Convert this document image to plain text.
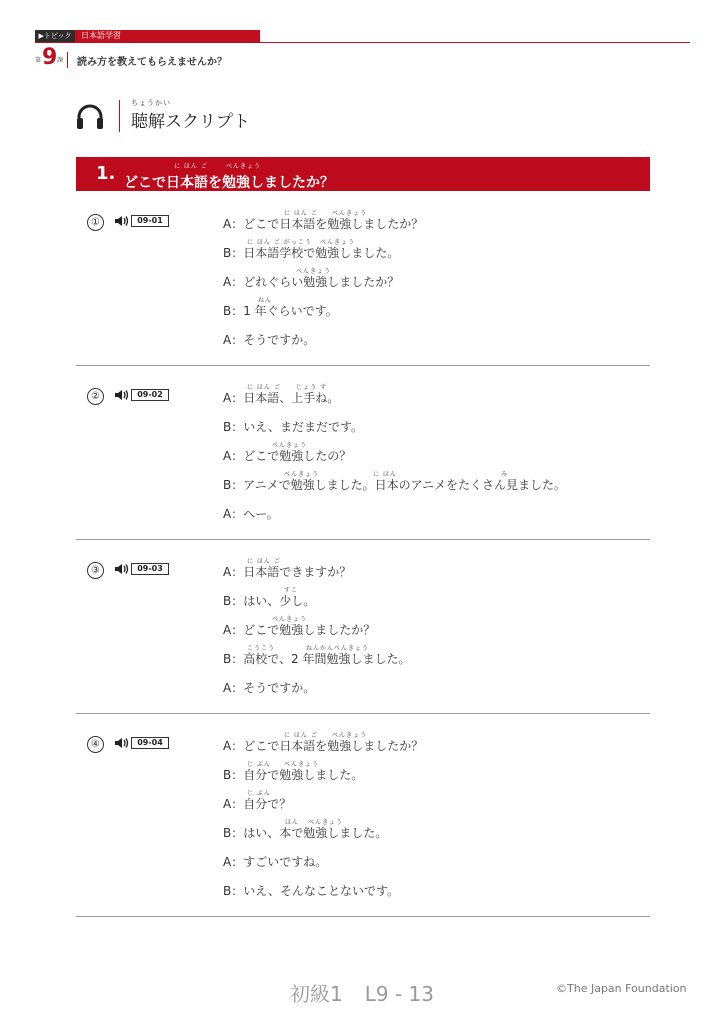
▶トピック	日本語学習
第 9 課 読み方を教えてもらえませんか？
ちょうかい
聴解スクリプト
1.	に ほん ご	べんきょう
どこで日本語を勉強しましたか？
①	09-01
に ほん ご べんきょう
A：どこで日本語を勉強しましたか？
に ほん ご がっこう べんきょう
B：日本語学校で勉強しました。
べんきょう
A：どれぐらい勉強しましたか？
ねん
B：1 年ぐらいです。
A：そうですか。
②	09-02
に ほん ご	じょう ず
A：日本語、上手ね。
B：いえ、まだまだです。
べんきょう
A：どこで勉強したの？
べんきょう	に ほん	み
B：アニメで勉強しました。日本のアニメをたくさん見ました。
A：へー。
③	09-03
に ほん ご
A：日本語できますか？
すこ
B：はい、少し。
べんきょう
A：どこで勉強しましたか？
こうこう	ねんかんべんきょう
B：高校で、2 年間勉強しました。
A：そうですか。
④	09-04
に ほん ご べんきょう
A：どこで日本語を勉強しましたか？
じ ぶん べんきょう
B：自分で勉強しました。
じ ぶん
A：自分で？
ほん べんきょう
B：はい、本で勉強しました。
A：すごいですね。
B：いえ、そんなことないです。
初級1 L9 - 13	©The Japan Foundation
